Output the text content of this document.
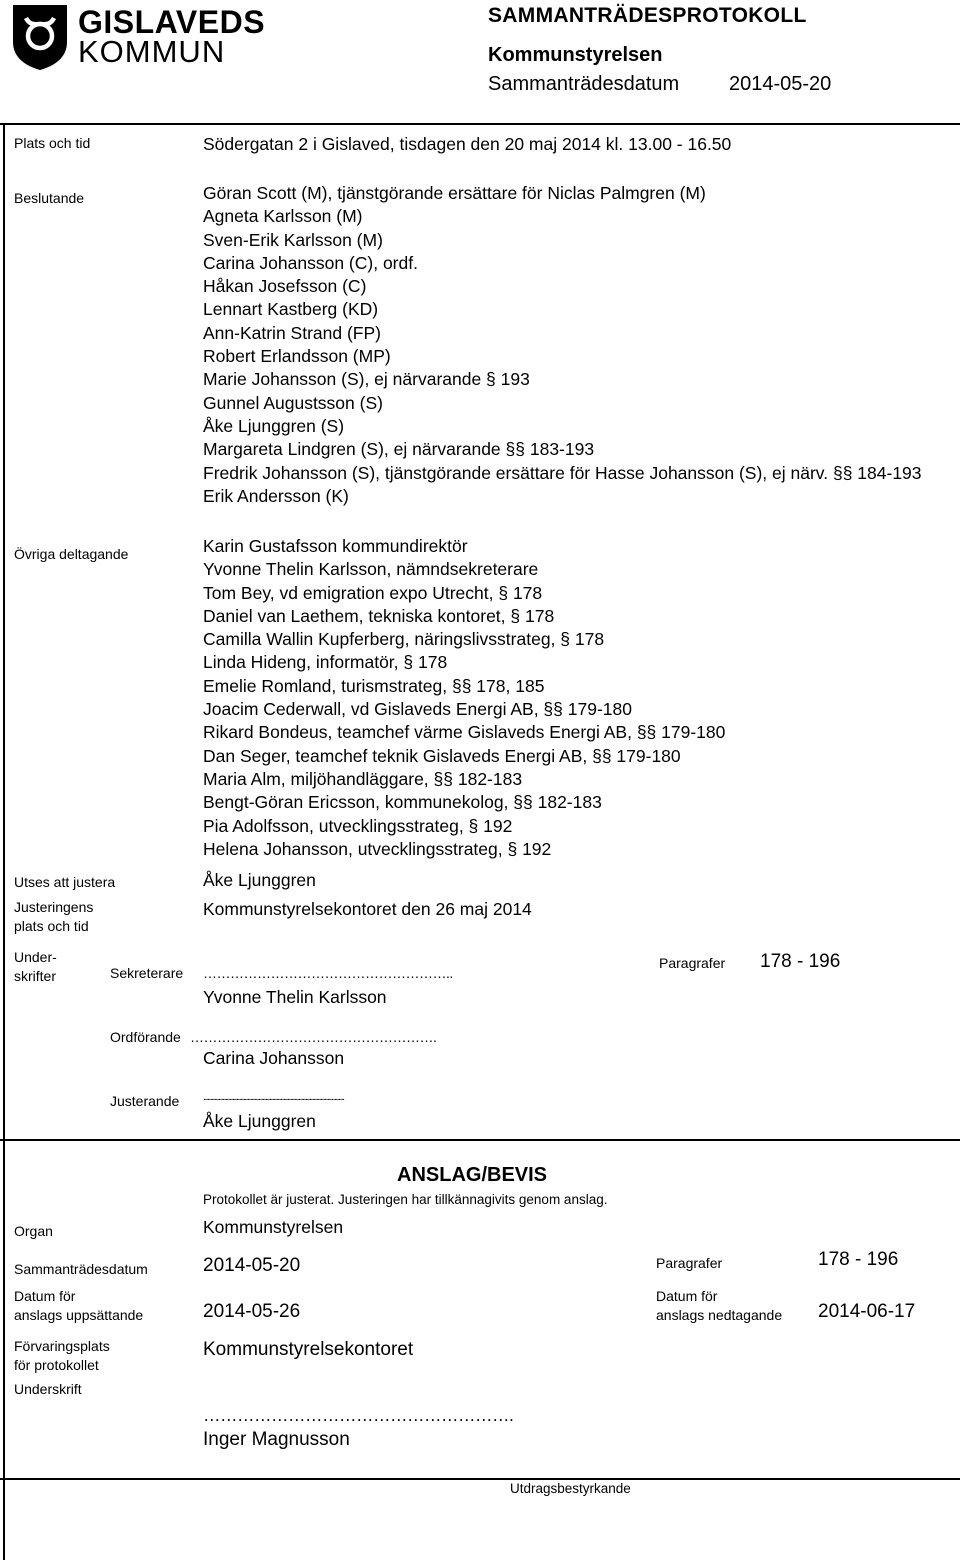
GISLAVEDS
KOMMUN
SAMMANTRÄDESPROTOKOLL
Kommunstyrelsen
Sammanträdesdatum 2014-05-20
Plats och tid	Södergatan 2 i Gislaved, tisdagen den 20 maj 2014 kl. 13.00 - 16.50
Beslutande	Göran Scott (M), tjänstgörande ersättare för Niclas Palmgren (M)
Agneta Karlsson (M)
Sven-Erik Karlsson (M)
Carina Johansson (C), ordf.
Håkan Josefsson (C)
Lennart Kastberg (KD)
Ann-Katrin Strand (FP)
Robert Erlandsson (MP)
Marie Johansson (S), ej närvarande § 193
Gunnel Augustsson (S)
Åke Ljunggren (S)
Margareta Lindgren (S), ej närvarande §§ 183-193
Fredrik Johansson (S), tjänstgörande ersättare för Hasse Johansson (S), ej närv. §§ 184-193
Erik Andersson (K)
Övriga deltagande	Karin Gustafsson kommundirektör
Yvonne Thelin Karlsson, nämndsekreterare
Tom Bey, vd emigration expo Utrecht, § 178
Daniel van Laethem, tekniska kontoret, § 178
Camilla Wallin Kupferberg, näringslivsstrateg, § 178
Linda Hideng, informatör, § 178
Emelie Romland, turismstrateg, §§ 178, 185
Joacim Cederwall, vd Gislaveds Energi AB, §§ 179-180
Rikard Bondeus, teamchef värme Gislaveds Energi AB, §§ 179-180
Dan Seger, teamchef teknik Gislaveds Energi AB, §§ 179-180
Maria Alm, miljöhandläggare, §§ 182-183
Bengt-Göran Ericsson, kommunekolog, §§ 182-183
Pia Adolfsson, utvecklingsstrateg, § 192
Helena Johansson, utvecklingsstrateg, § 192
Utses att justera	Åke Ljunggren
Justeringens
plats och tid
Kommunstyrelsekontoret den 26 maj 2014
Under-
skrifter	Sekreterare ………………………………………………..
Yvonne Thelin Karlsson
Paragrafer 178 - 196
Ordförande ……………………………………………….
Carina Johansson
Justerande ......................................................................................................
Åke Ljunggren
ANSLAG/BEVIS
Protokollet är justerat. Justeringen har tillkännagivits genom anslag.
Organ	Kommunstyrelsen
Sammanträdesdatum	2014-05-20	Paragrafer	178 - 196
Datum för
anslags uppsättande	2014-05-26
Datum för
anslags nedtagande 2014-06-17
Förvaringsplats
för protokollet
Kommunstyrelsekontoret
Underskrift
……………………………………………….
Inger Magnusson
Utdragsbestyrkande
